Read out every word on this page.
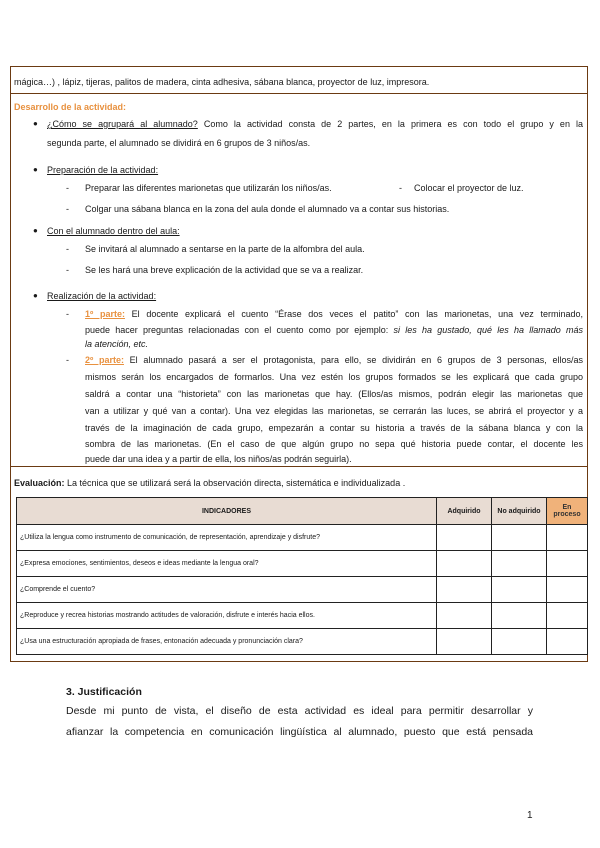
mágica…) , lápiz, tijeras, palitos de madera, cinta adhesiva, sábana blanca, proyector de luz, impresora.
Desarrollo de la actividad:
● ¿Cómo se agrupará al alumnado? Como la actividad consta de 2 partes, en la primera es con todo el grupo y en la
segunda parte, el alumnado se dividirá en 6 grupos de 3 niños/as.
● Preparación de la actividad:
- Preparar las diferentes marionetas que utilizarán los niños/as.	- Colocar el proyector de luz.
- Colgar una sábana blanca en la zona del aula donde el alumnado va a contar sus historias.
● Con el alumnado dentro del aula:
- Se invitará al alumnado a sentarse en la parte de la alfombra del aula.
- Se les hará una breve explicación de la actividad que se va a realizar.
● Realización de la actividad:
- 1º parte: El docente explicará el cuento “Érase dos veces el patito” con las marionetas, una vez terminado,
puede hacer preguntas relacionadas con el cuento como por ejemplo: si les ha gustado, qué les ha llamado más
la atención, etc.
- 2º parte: El alumnado pasará a ser el protagonista, para ello, se dividirán en 6 grupos de 3 personas, ellos/as
mismos serán los encargados de formarlos. Una vez estén los grupos formados se les explicará que cada grupo
saldrá a contar una “historieta” con las marionetas que hay. (Ellos/as mismos, podrán elegir las marionetas que
van a utilizar y qué van a contar). Una vez elegidas las marionetas, se cerrarán las luces, se abrirá el proyector y a
través de la imaginación de cada grupo, empezarán a contar su historia a través de la sábana blanca y con la
sombra de las marionetas. (En el caso de que algún grupo no sepa qué historia puede contar, el docente les
puede dar una idea y a partir de ella, los niños/as podrán seguirla).
Evaluación: La técnica que se utilizará será la observación directa, sistemática e individualizada .
INDICADORES	Adquirido	No adquirido	En proceso
¿Utiliza la lengua como instrumento de comunicación, de representación, aprendizaje y disfrute?			
¿Expresa emociones, sentimientos, deseos e ideas mediante la lengua oral?			
¿Comprende el cuento?			
¿Reproduce y recrea historias mostrando actitudes de valoración, disfrute e interés hacia ellos.			
¿Usa una estructuración apropiada de frases, entonación adecuada y pronunciación clara?			
3. Justificación
Desde mi punto de vista, el diseño de esta actividad es ideal para permitir desarrollar y
afianzar la competencia en comunicación lingüística al alumnado, puesto que está pensada
1
